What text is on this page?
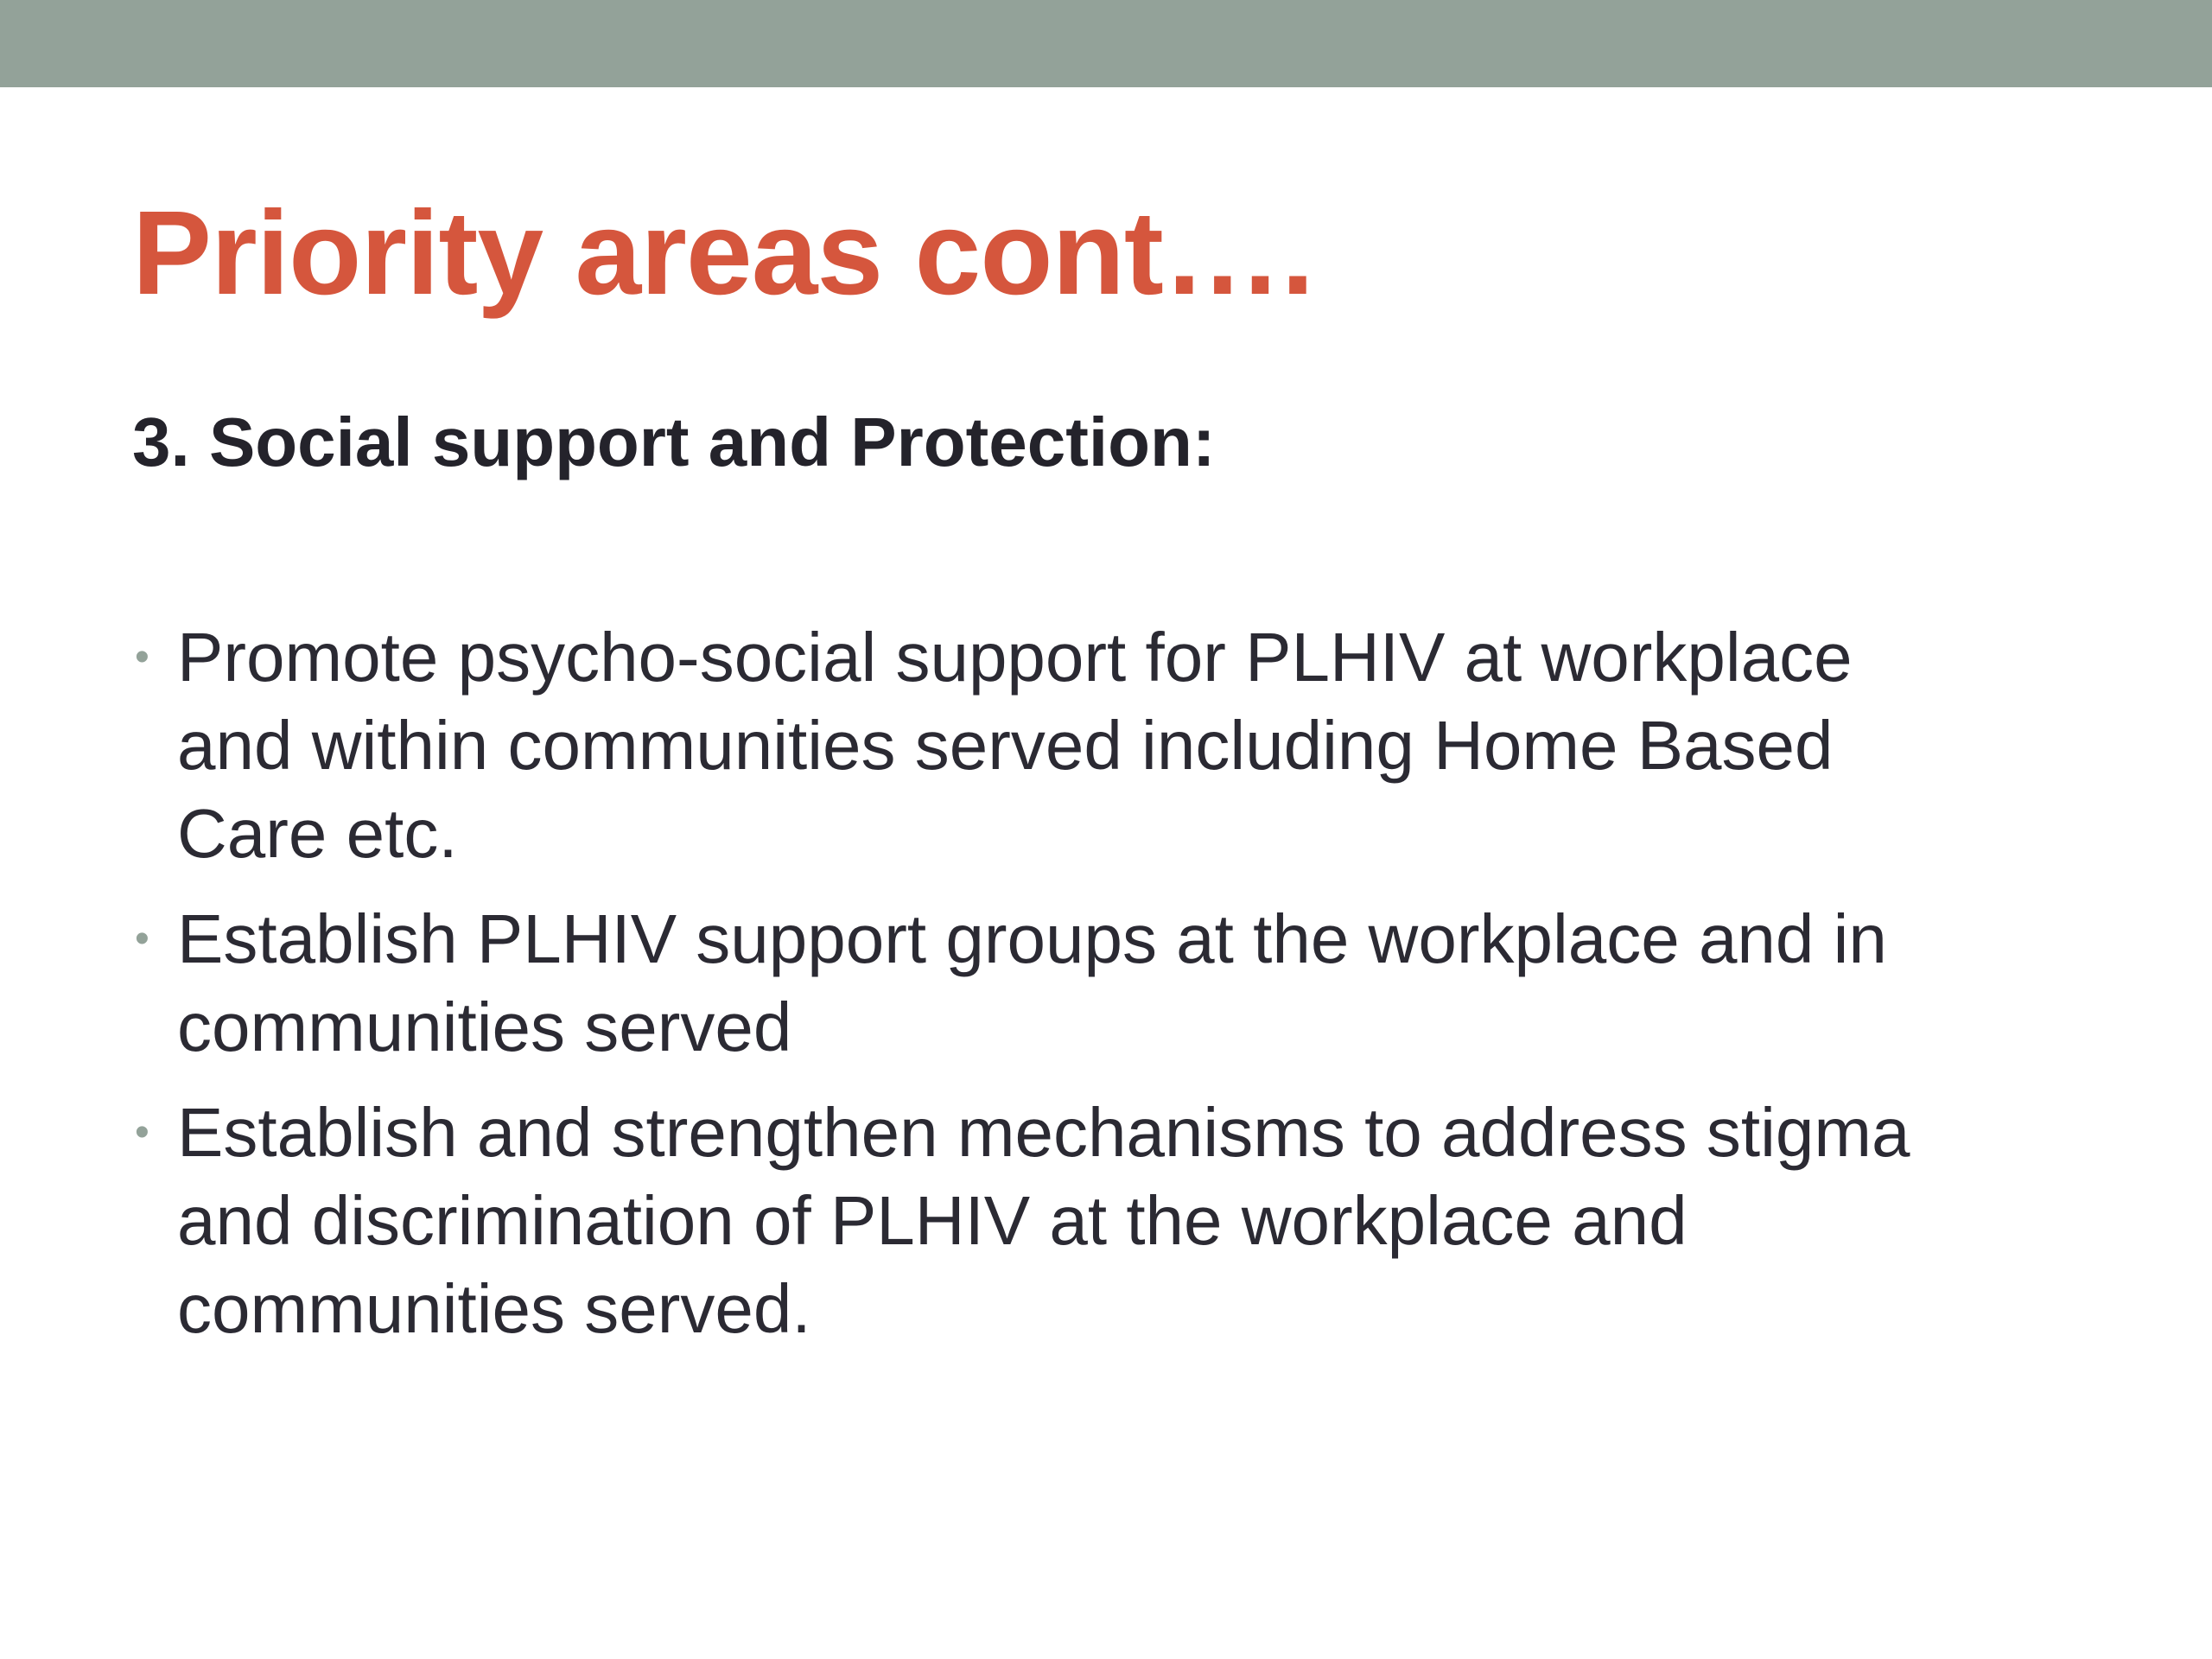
Priority areas cont….
3. Social support and Protection:
• Promote psycho-social support for PLHIV at workplace
and within communities served including Home Based
Care etc.
• Establish PLHIV support groups at the workplace and in
communities served
• Establish and strengthen mechanisms to address stigma
and discrimination of PLHIV at the workplace and
communities served.
